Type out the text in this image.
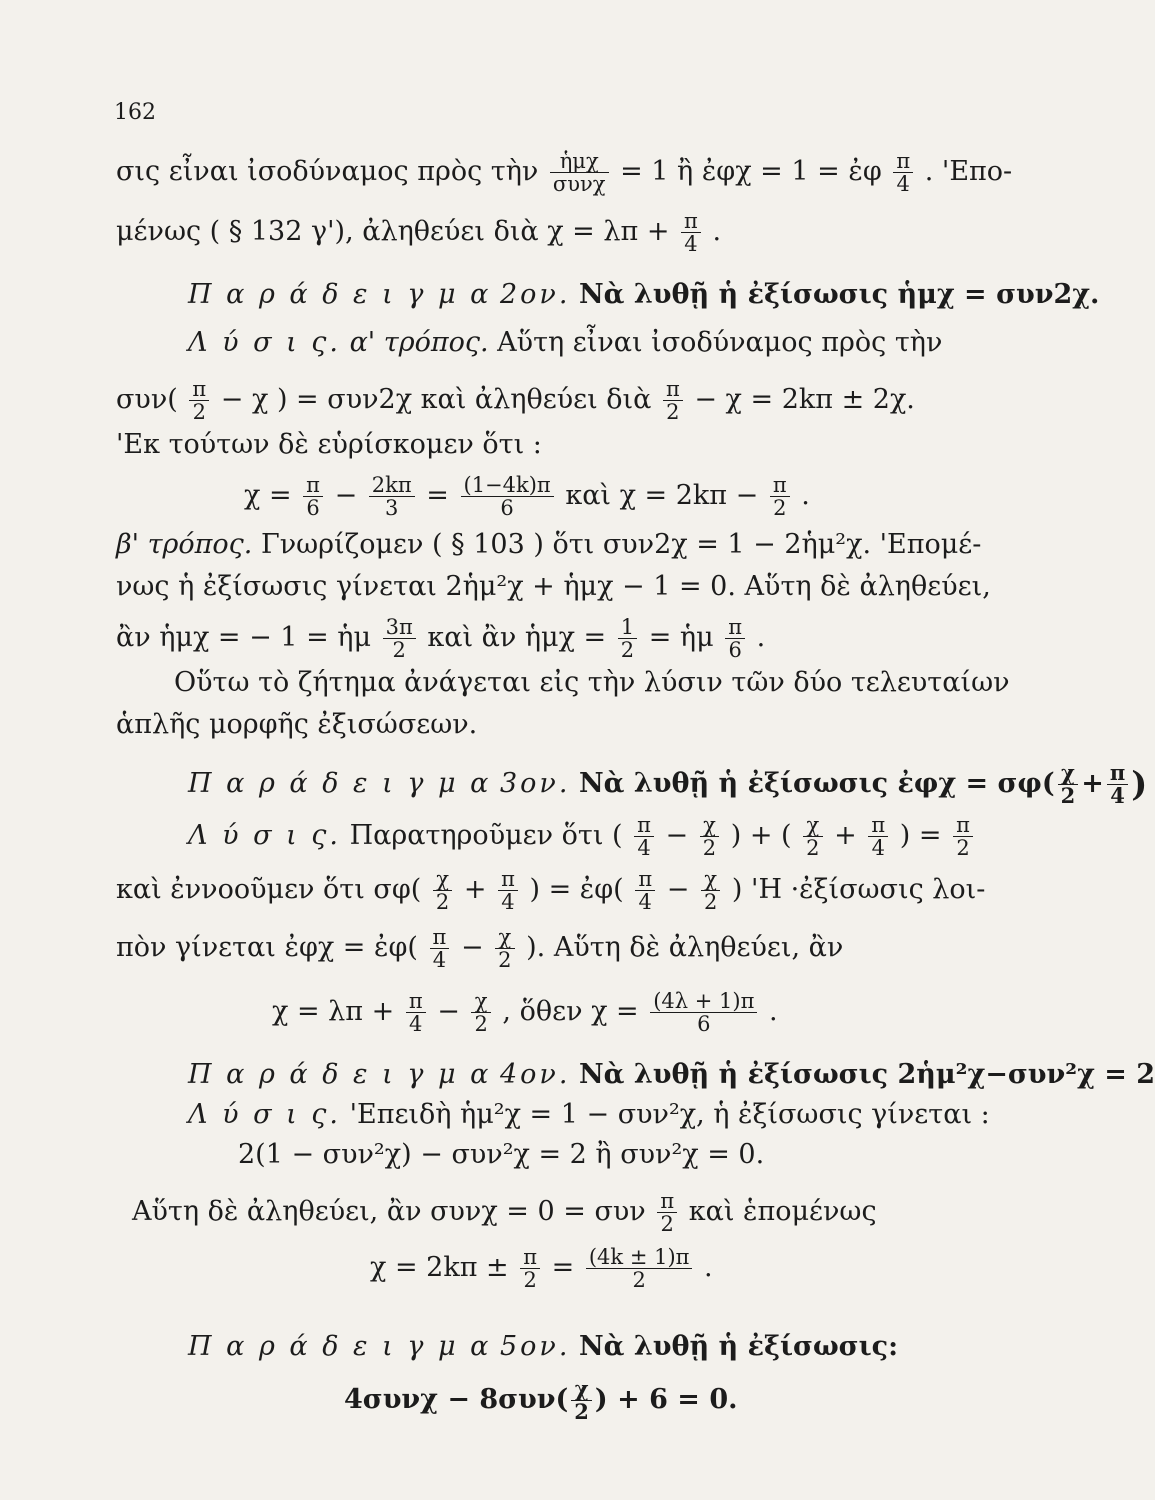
162
σις εἶναι ἰσοδύναμος πρὸς τὴν $\frac{\text{ἡμχ}}{\text{συνχ}} = 1$ ἢ ἐφχ = 1 = ἐφ $\frac{\pi}{4}$ . 'Επο-
μένως ( § 132 γ'), ἀληθεύει διὰ $\chi = \lambda\pi + \frac{\pi}{4}$ .
Π α ρ ά δ ε ι γ μ α 2ον. Νὰ λυθῇ ἡ ἐξίσωσις ἡμχ = συν2χ.
Λ ύ σ ι ς. α' τρόπος. Αὕτη εἶναι ἰσοδύναμος πρὸς τὴν
$\sigma\upsilon\nu( \frac{\pi}{2} - \chi$ ) = συν2χ καὶ ἀληθεύει διὰ $\frac{\pi}{2} - \chi = 2k\pi \pm 2\chi$.
'Εκ τούτων δὲ εὑρίσκομεν ὅτι :
$\chi = \frac{\pi}{6} - \frac{2k\pi}{3} = \frac{(1-4k)\pi}{6}$ καὶ $\chi = 2k\pi - \frac{\pi}{2}$ .
β' τρόπος. Γνωρίζομεν ( § 103 ) ὅτι συν2χ = 1 − 2ἡμ²χ. 'Επομέ-
νως ἡ ἐξίσωσις γίνεται 2ἡμ²χ + ἡμχ − 1 = 0. Αὕτη δὲ ἀληθεύει,
ἂν ἡμχ = − 1 = ἡμ $\frac{3\pi}{2}$ καὶ ἂν ἡμχ = $\frac{1}{2}$ = ἡμ $\frac{\pi}{6}$ .
Οὕτω τὸ ζήτημα ἀνάγεται εἰς τὴν λύσιν τῶν δύο τελευταίων
ἁπλῆς μορφῆς ἐξισώσεων.
Π α ρ ά δ ε ι γ μ α 3ον. Νὰ λυθῇ ἡ ἐξίσωσις ἐφχ = $\sigma\varphi( \frac{\chi}{2} + \frac{\pi}{4}$ )
Λ ύ σ ι ς. Παρατηροῦμεν ὅτι ( $\frac{\pi}{4} - \frac{\chi}{2}$ ) + ( $\frac{\chi}{2} + \frac{\pi}{4}$ ) = $\frac{\pi}{2}$
καὶ ἐννοοῦμεν ὅτι $\sigma\varphi( \frac{\chi}{2} + \frac{\pi}{4}$ ) = ἐφ( $\frac{\pi}{4} - \frac{\chi}{2}$ ) 'Η ·ἐξίσωσις λοι-
πὸν γίνεται ἐφχ = ἐφ( $\frac{\pi}{4} - \frac{\chi}{2}$ ). Αὕτη δὲ ἀληθεύει, ἂν
$\chi = \lambda\pi + \frac{\pi}{4} - \frac{\chi}{2}$ , ὅθεν $\chi = \frac{(4\lambda + 1)\pi}{6}$ .
Π α ρ ά δ ε ι γ μ α 4ον. Νὰ λυθῇ ἡ ἐξίσωσις 2ἡμ²χ−συν²χ = 2
Λ ύ σ ι ς. 'Επειδὴ ἡμ²χ = 1 − συν²χ, ἡ ἐξίσωσις γίνεται :
2(1 − συν²χ) − συν²χ = 2 ἢ συν²χ = 0.
Αὕτη δὲ ἀληθεύει, ἂν συνχ = 0 = συν $\frac{\pi}{2}$ καὶ ἑπομένως
$\chi = 2k\pi \pm \frac{\pi}{2} = \frac{(4k \pm 1)\pi}{2}$ .
Π α ρ ά δ ε ι γ μ α 5ον. Νὰ λυθῇ ἡ ἐξίσωσις:
$4\sigma\upsilon\nu\chi - 8\sigma\upsilon\nu( \frac{\chi}{2}$ ) + 6 = 0.
